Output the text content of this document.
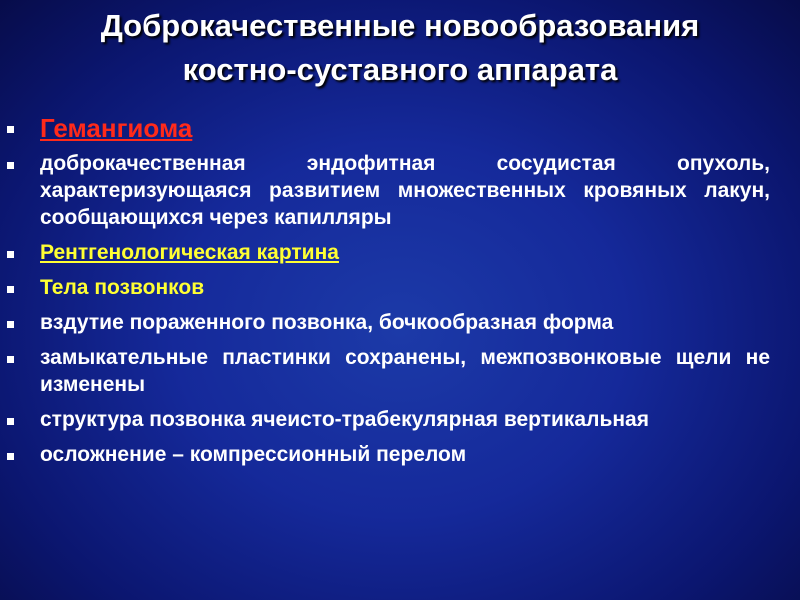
Доброкачественные новообразования
костно-суставного аппарата
Гемангиома
доброкачественная эндофитная сосудистая опухоль, характеризующаяся развитием множественных кровяных лакун, сообщающихся через капилляры
Рентгенологическая картина
Тела позвонков
вздутие пораженного позвонка, бочкообразная форма
замыкательные пластинки сохранены, межпозвонковые щели не изменены
структура позвонка ячеисто-трабекулярная вертикальная
осложнение – компрессионный перелом
